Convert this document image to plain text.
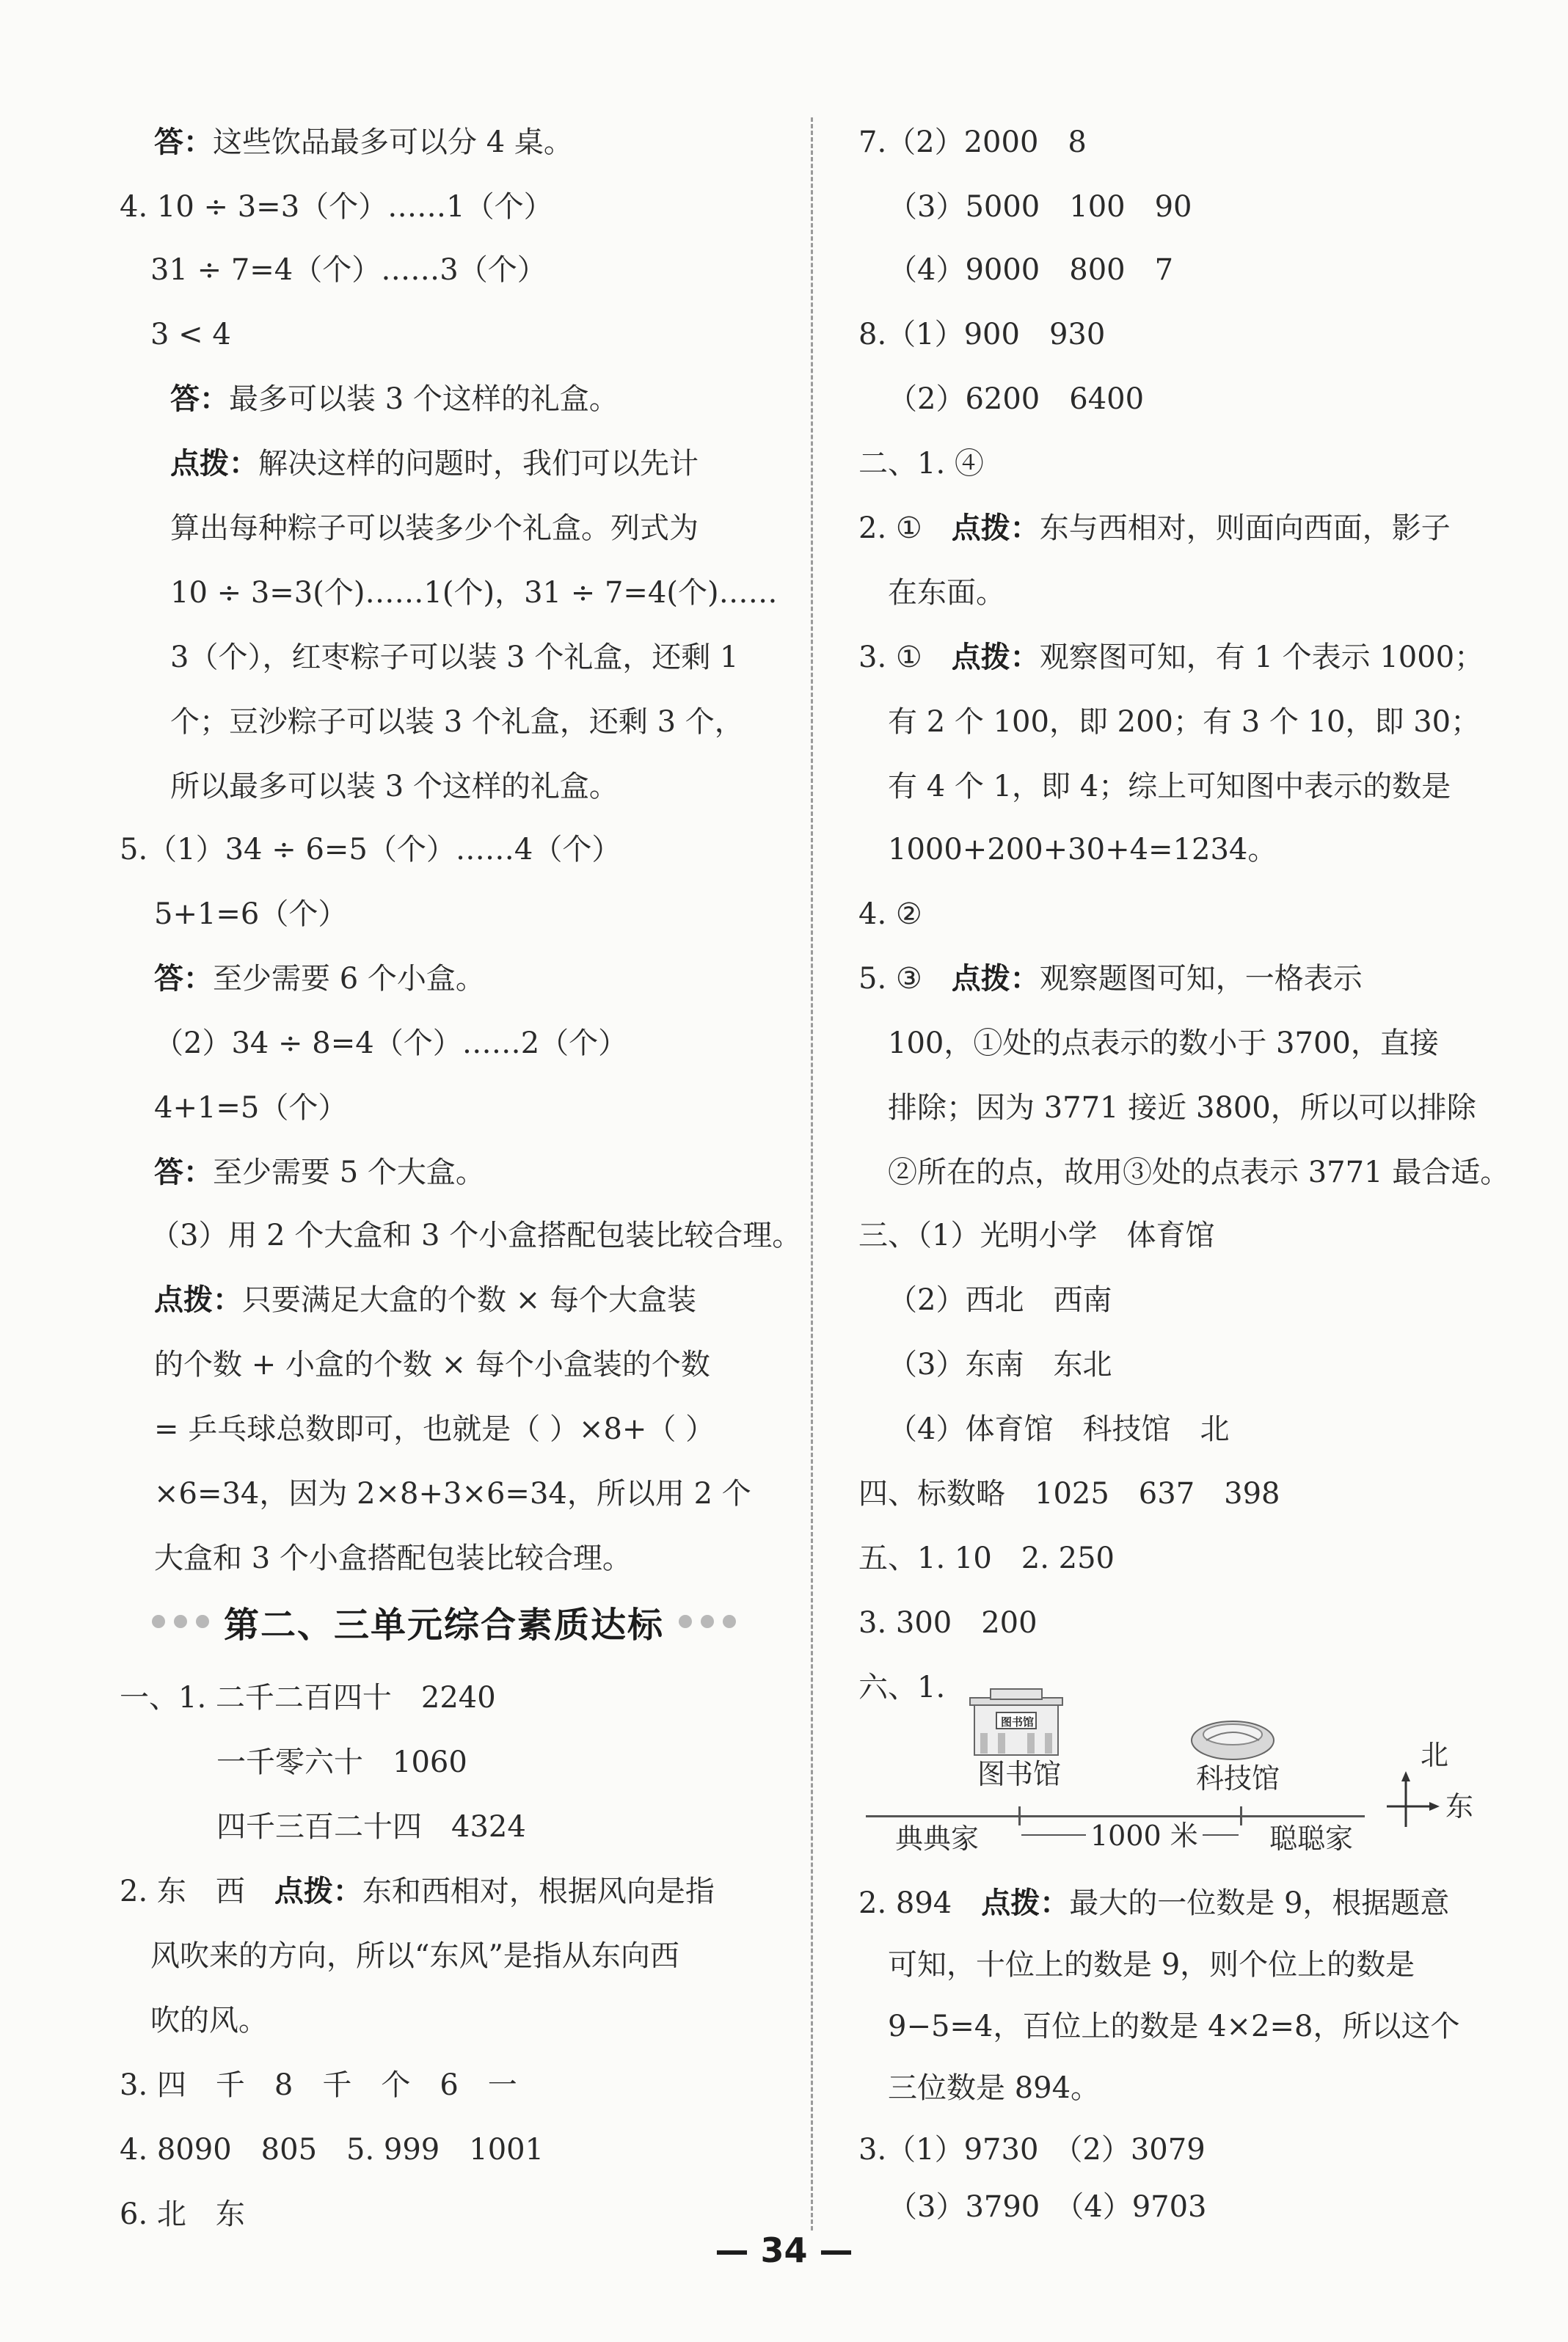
答：这些饮品最多可以分 4 桌。
4. 10 ÷ 3=3（个）……1（个）
31 ÷ 7=4（个）……3（个）
3 < 4
答：最多可以装 3 个这样的礼盒。
点拨：解决这样的问题时，我们可以先计
算出每种粽子可以装多少个礼盒。列式为
10 ÷ 3=3(个)……1(个)，31 ÷ 7=4(个)……
3（个），红枣粽子可以装 3 个礼盒，还剩 1
个；豆沙粽子可以装 3 个礼盒，还剩 3 个，
所以最多可以装 3 个这样的礼盒。
5.（1）34 ÷ 6=5（个）……4（个）
5+1=6（个）
答：至少需要 6 个小盒。
（2）34 ÷ 8=4（个）……2（个）
4+1=5（个）
答：至少需要 5 个大盒。
（3）用 2 个大盒和 3 个小盒搭配包装比较合理。
点拨：只要满足大盒的个数 × 每个大盒装
的个数 + 小盒的个数 × 每个小盒装的个数
= 乒乓球总数即可，也就是（ ）×8+（ ）
×6=34，因为 2×8+3×6=34，所以用 2 个
大盒和 3 个小盒搭配包装比较合理。
第二、三单元综合素质达标
一、1. 二千二百四十　2240
一千零六十　1060
四千三百二十四　4324
2. 东　西　点拨：东和西相对，根据风向是指
风吹来的方向，所以“东风”是指从东向西
吹的风。
3. 四　千　8　千　个　6　一
4. 8090　805　5. 999　1001
6. 北　东
7.（2）2000　8
（3）5000　100　90
（4）9000　800　7
8.（1）900　930
（2）6200　6400
二、1. ④
2. ①　点拨：东与西相对，则面向西面，影子
在东面。
3. ①　点拨：观察图可知，有 1 个表示 1000；
有 2 个 100，即 200；有 3 个 10，即 30；
有 4 个 1，即 4；综上可知图中表示的数是
1000+200+30+4=1234。
4. ②
5. ③　点拨：观察题图可知，一格表示
100，①处的点表示的数小于 3700，直接
排除；因为 3771 接近 3800，所以可以排除
②所在的点，故用③处的点表示 3771 最合适。
三、（1）光明小学　体育馆
（2）西北　西南
（3）东南　东北
（4）体育馆　科技馆　北
四、标数略　1025　637　398
五、1. 10　2. 250
3. 300　200
六、1.
2. 894　点拨：最大的一位数是 9，根据题意
可知，十位上的数是 9，则个位上的数是
9−5=4，百位上的数是 4×2=8，所以这个
三位数是 894。
3.（1）9730　（2）3079
（3）3790　（4）9703
图书馆
图书馆	科技馆
1000 米
典典家	聪聪家
北
东
— 34 —
